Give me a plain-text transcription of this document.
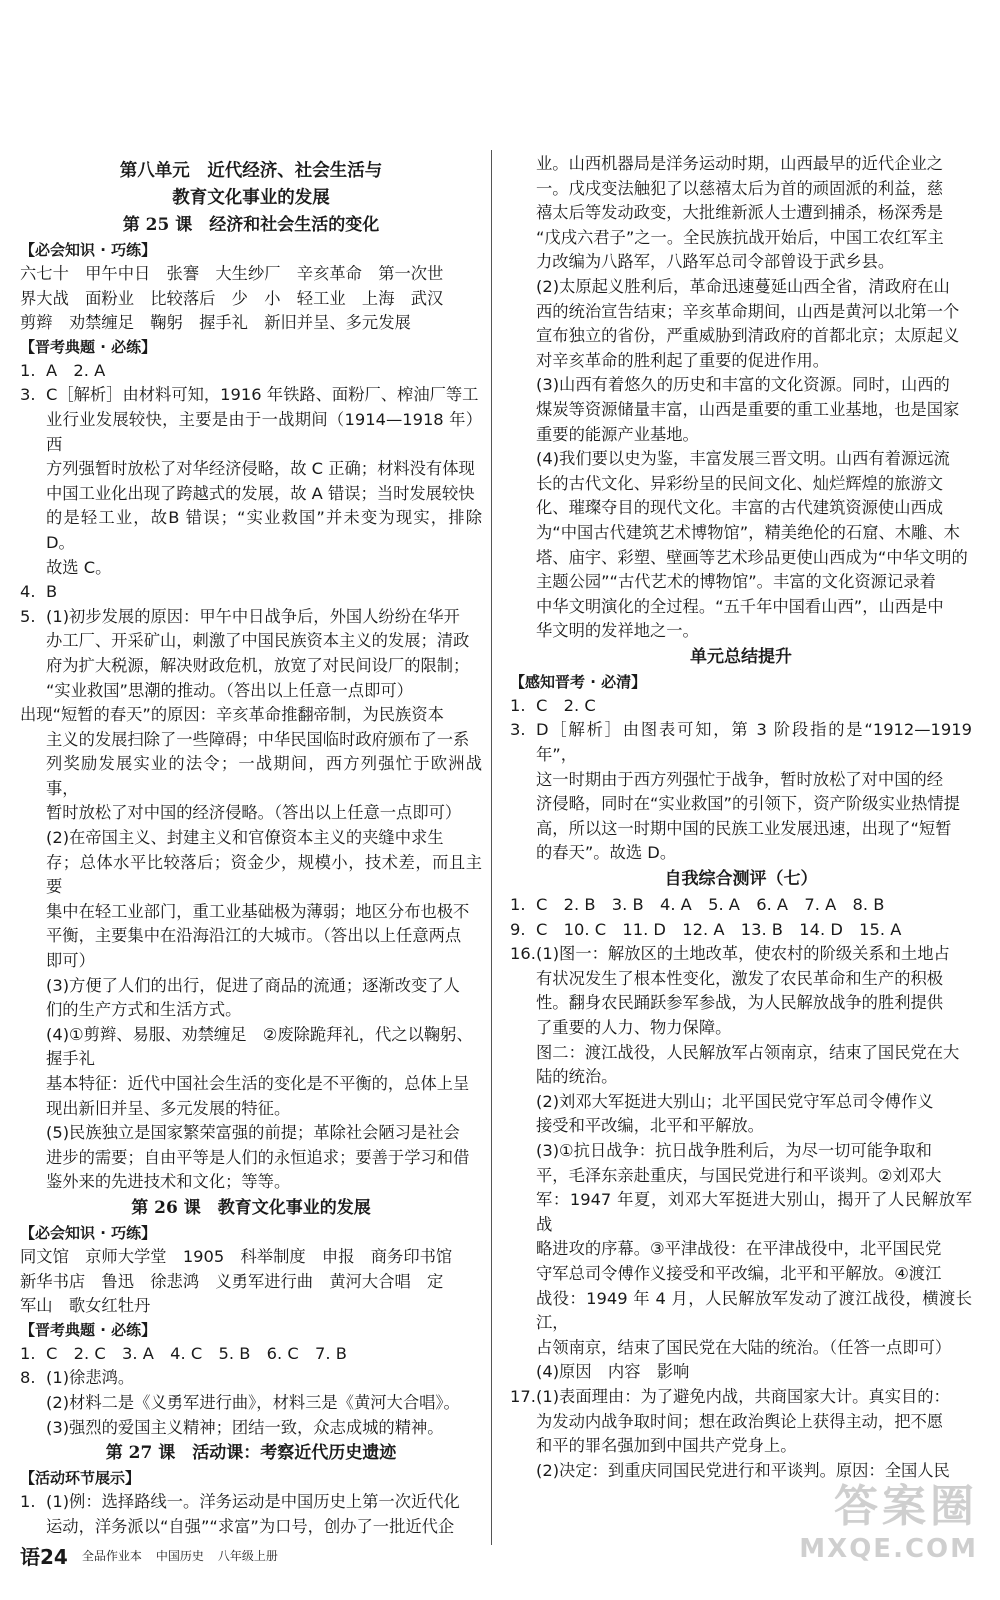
第八单元　近代经济、社会生活与

教育文化事业的发展

第 25 课　经济和社会生活的变化

【必会知识 · 巧练】

六七十　甲午中日　张謇　大生纱厂　辛亥革命　第一次世

界大战　面粉业　比较落后　少　小　轻工业　上海　武汉

剪辫　劝禁缠足　鞠躬　握手礼　新旧并呈、多元发展

【晋考典题 · 必练】

1. A　2. A

3. C［解析］由材料可知，1916 年铁路、面粉厂、榨油厂等工

业行业发展较快，主要是由于一战期间（1914—1918 年）西

方列强暂时放松了对华经济侵略，故 C 正确；材料没有体现

中国工业化出现了跨越式的发展，故 A 错误；当时发展较快

的是轻工业，故B 错误；“实业救国”并未变为现实，排除 D。

故选 C。

4. B

5. (1)初步发展的原因：甲午中日战争后，外国人纷纷在华开

办工厂、开采矿山，刺激了中国民族资本主义的发展；清政

府为扩大税源，解决财政危机，放宽了对民间设厂的限制；

“实业救国”思潮的推动。（答出以上任意一点即可）

出现“短暂的春天”的原因：辛亥革命推翻帝制，为民族资本

主义的发展扫除了一些障碍；中华民国临时政府颁布了一系

列奖励发展实业的法令；一战期间，西方列强忙于欧洲战事，

暂时放松了对中国的经济侵略。（答出以上任意一点即可）

(2)在帝国主义、封建主义和官僚资本主义的夹缝中求生

存；总体水平比较落后；资金少，规模小，技术差，而且主要

集中在轻工业部门，重工业基础极为薄弱；地区分布也极不

平衡，主要集中在沿海沿江的大城市。（答出以上任意两点

即可）

(3)方便了人们的出行，促进了商品的流通；逐渐改变了人

们的生产方式和生活方式。

(4)①剪辫、易服、劝禁缠足　②废除跪拜礼，代之以鞠躬、

握手礼

基本特征：近代中国社会生活的变化是不平衡的，总体上呈

现出新旧并呈、多元发展的特征。

(5)民族独立是国家繁荣富强的前提；革除社会陋习是社会

进步的需要；自由平等是人们的永恒追求；要善于学习和借

鉴外来的先进技术和文化；等等。

第 26 课　教育文化事业的发展

【必会知识 · 巧练】

同文馆　京师大学堂　1905　科举制度　申报　商务印书馆

新华书店　鲁迅　徐悲鸿　义勇军进行曲　黄河大合唱　定

军山　歌女红牡丹

【晋考典题 · 必练】

1. C　2. C　3. A　4. C　5. B　6. C　7. B

8. (1)徐悲鸿。

(2)材料二是《义勇军进行曲》，材料三是《黄河大合唱》。

(3)强烈的爱国主义精神；团结一致，众志成城的精神。

第 27 课　活动课：考察近代历史遗迹

【活动环节展示】

1. (1)例：选择路线一。洋务运动是中国历史上第一次近代化

运动，洋务派以“自强”“求富”为口号，创办了一批近代企

业。山西机器局是洋务运动时期，山西最早的近代企业之

一。戊戌变法触犯了以慈禧太后为首的顽固派的利益，慈

禧太后等发动政变，大批维新派人士遭到捕杀，杨深秀是

“戊戌六君子”之一。全民族抗战开始后，中国工农红军主

力改编为八路军，八路军总司令部曾设于武乡县。

(2)太原起义胜利后，革命迅速蔓延山西全省，清政府在山

西的统治宣告结束；辛亥革命期间，山西是黄河以北第一个

宣布独立的省份，严重威胁到清政府的首都北京；太原起义

对辛亥革命的胜利起了重要的促进作用。

(3)山西有着悠久的历史和丰富的文化资源。同时，山西的

煤炭等资源储量丰富，山西是重要的重工业基地，也是国家

重要的能源产业基地。

(4)我们要以史为鉴，丰富发展三晋文明。山西有着源远流

长的古代文化、异彩纷呈的民间文化、灿烂辉煌的旅游文

化、璀璨夺目的现代文化。丰富的古代建筑资源使山西成

为“中国古代建筑艺术博物馆”，精美绝伦的石窟、木雕、木

塔、庙宇、彩塑、壁画等艺术珍品更使山西成为“中华文明的

主题公园”“古代艺术的博物馆”。丰富的文化资源记录着

中华文明演化的全过程。“五千年中国看山西”，山西是中

华文明的发祥地之一。

单元总结提升

【感知晋考 · 必清】

1. C　2. C

3. D［解析］由图表可知，第 3 阶段指的是“1912—1919 年”，

这一时期由于西方列强忙于战争，暂时放松了对中国的经

济侵略，同时在“实业救国”的引领下，资产阶级实业热情提

高，所以这一时期中国的民族工业发展迅速，出现了“短暂

的春天”。故选 D。

自我综合测评（七）

1. C　2. B　3. B　4. A　5. A　6. A　7. A　8. B

9. C　10. C　11. D　12. A　13. B　14. D　15. A

16. (1)图一：解放区的土地改革，使农村的阶级关系和土地占

有状况发生了根本性变化，激发了农民革命和生产的积极

性。翻身农民踊跃参军参战，为人民解放战争的胜利提供

了重要的人力、物力保障。

图二：渡江战役，人民解放军占领南京，结束了国民党在大

陆的统治。

(2)刘邓大军挺进大别山；北平国民党守军总司令傅作义

接受和平改编，北平和平解放。

(3)①抗日战争：抗日战争胜利后，为尽一切可能争取和

平，毛泽东亲赴重庆，与国民党进行和平谈判。②刘邓大

军：1947 年夏，刘邓大军挺进大别山，揭开了人民解放军战

略进攻的序幕。③平津战役：在平津战役中，北平国民党

守军总司令傅作义接受和平改编，北平和平解放。④渡江

战役：1949 年 4 月，人民解放军发动了渡江战役，横渡长江，

占领南京，结束了国民党在大陆的统治。（任答一点即可）

(4)原因　内容　影响

17. (1)表面理由：为了避免内战，共商国家大计。真实目的：

为发动内战争取时间；想在政治舆论上获得主动，把不愿

和平的罪名强加到中国共产党身上。

(2)决定：到重庆同国民党进行和平谈判。原因：全国人民

语24 全品作业本 中国历史 八年级上册
答案圈
MXQE.COM
